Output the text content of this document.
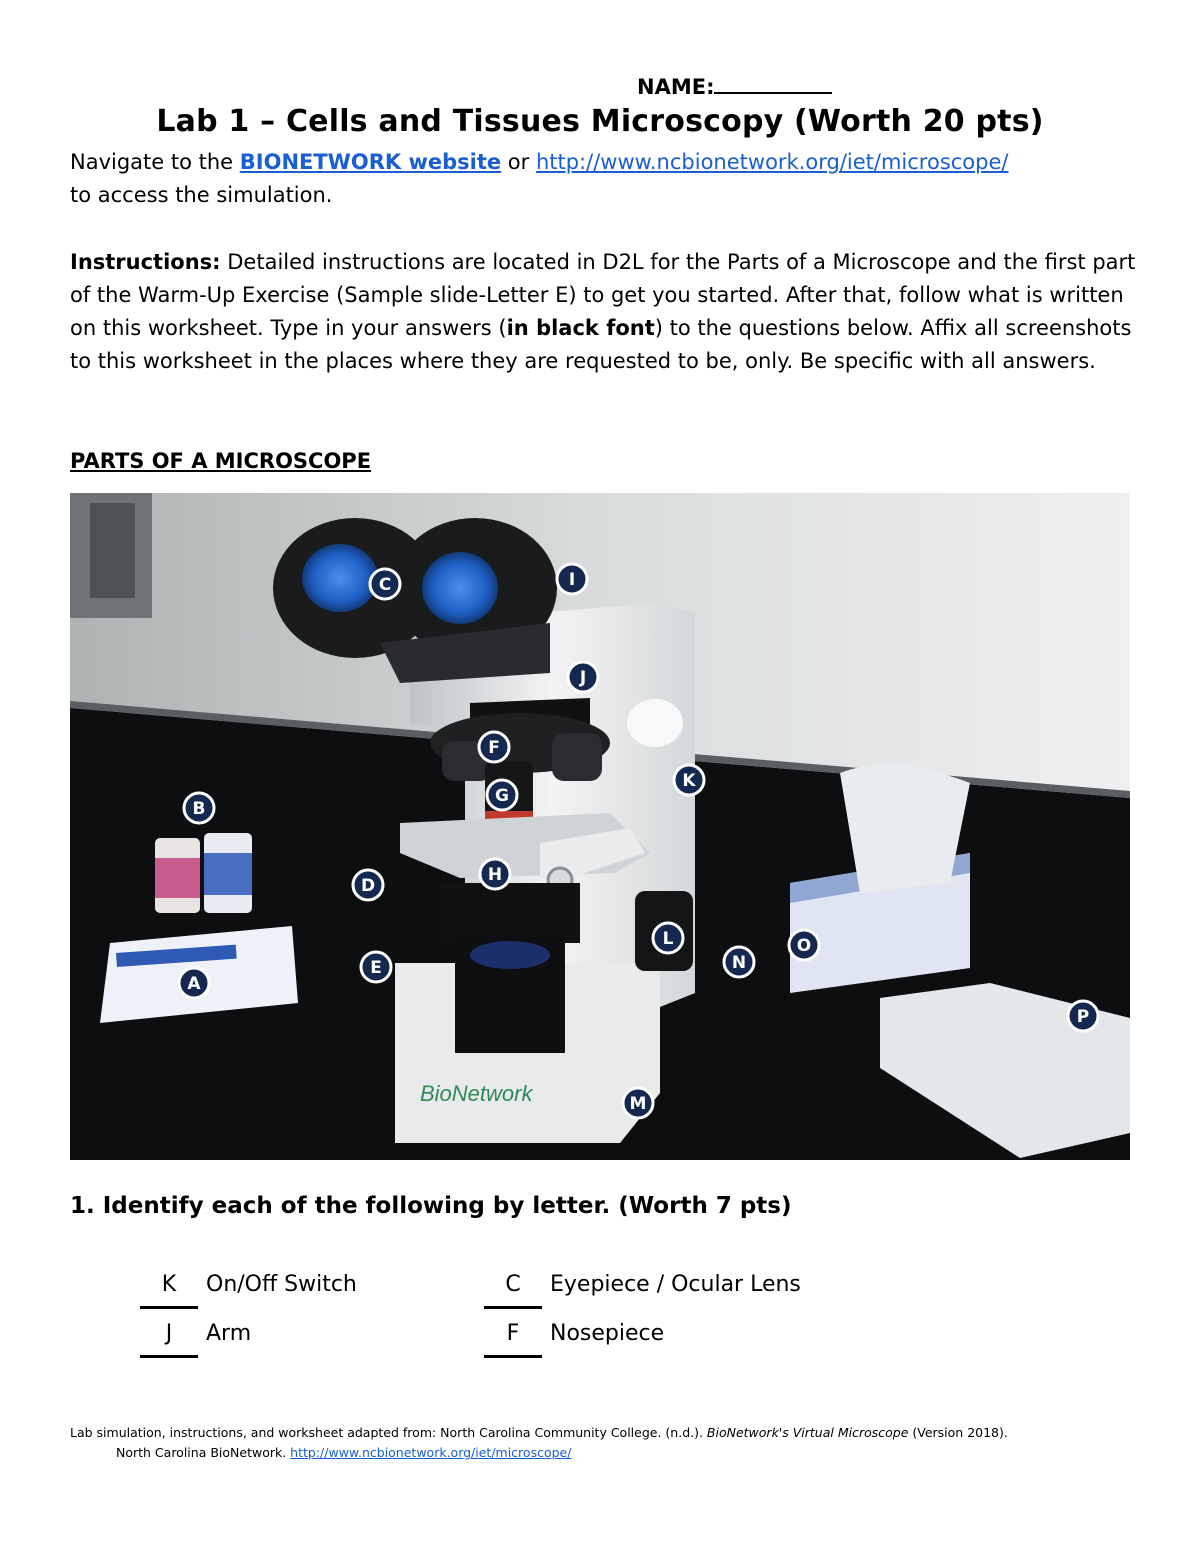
NAME:
Lab 1 – Cells and Tissues Microscopy (Worth 20 pts)
Navigate to the BIONETWORK website or http://www.ncbionetwork.org/iet/microscope/
to access the simulation.
Instructions: Detailed instructions are located in D2L for the Parts of a Microscope and the first part of the Warm-Up Exercise (Sample slide-Letter E) to get you started. After that, follow what is written on this worksheet. Type in your answers (in black font) to the questions below. Affix all screenshots to this worksheet in the places where they are requested to be, only. Be specific with all answers.
PARTS OF A MICROSCOPE
BioNetwork
A
B
C
D
E
F
G
H
I
J
K
L
M
N
O
P
1. Identify each of the following by letter. (Worth 7 pts)
K	On/Off Switch	C	Eyepiece / Ocular Lens
J	Arm	F	Nosepiece
Lab simulation, instructions, and worksheet adapted from: North Carolina Community College. (n.d.). BioNetwork's Virtual Microscope (Version 2018).
North Carolina BioNetwork. http://www.ncbionetwork.org/iet/microscope/
